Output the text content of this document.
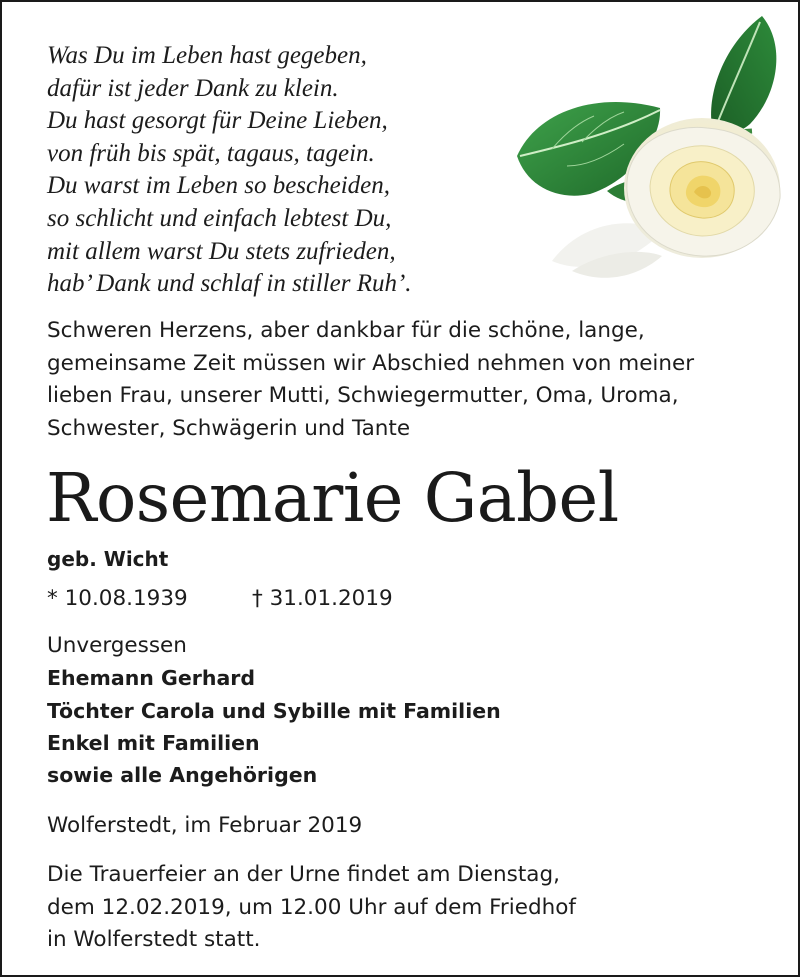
Was Du im Leben hast gegeben,
dafür ist jeder Dank zu klein.
Du hast gesorgt für Deine Lieben,
von früh bis spät, tagaus, tagein.
Du warst im Leben so bescheiden,
so schlicht und einfach lebtest Du,
mit allem warst Du stets zufrieden,
hab’ Dank und schlaf in stiller Ruh’.

Schweren Herzens, aber dankbar für die schöne, lange,
gemeinsame Zeit müssen wir Abschied nehmen von meiner
lieben Frau, unserer Mutti, Schwiegermutter, Oma, Uroma,
Schwester, Schwägerin und Tante

Rosemarie Gabel
geb. Wicht
* 10.08.1939	† 31.01.2019
Unvergessen
Ehemann Gerhard
Töchter Carola und Sybille mit Familien
Enkel mit Familien
sowie alle Angehörigen
Wolferstedt, im Februar 2019

Die Trauerfeier an der Urne findet am Dienstag,
dem 12.02.2019, um 12.00 Uhr auf dem Friedhof
in Wolferstedt statt.
